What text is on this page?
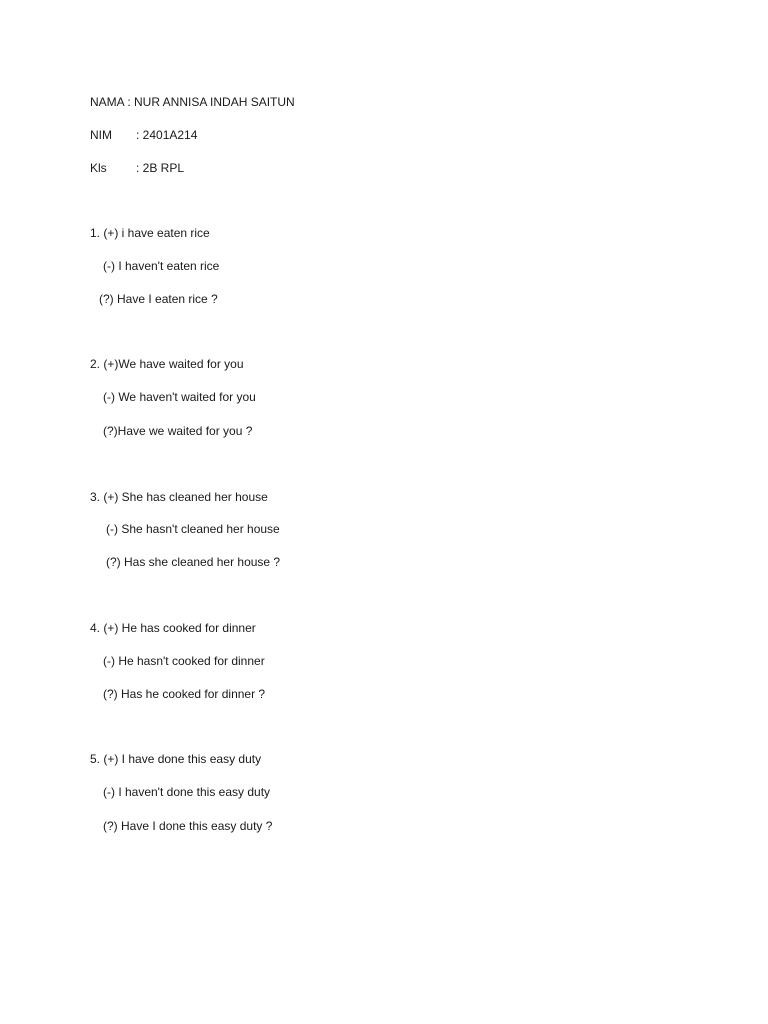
NAMA : NUR ANNISA INDAH SAITUN
NIM : 2401A214
Kls : 2B RPL
1. (+) i have eaten rice
(-) I haven't eaten rice
(?) Have I eaten rice ?
2. (+)We have waited for you
(-) We haven't waited for you
(?)Have we waited for you ?
3. (+) She has cleaned her house
(-) She hasn't cleaned her house
(?) Has she cleaned her house ?
4. (+) He has cooked for dinner
(-) He hasn't cooked for dinner
(?) Has he cooked for dinner ?
5. (+) I have done this easy duty
(-) I haven't done this easy duty
(?) Have I done this easy duty ?
